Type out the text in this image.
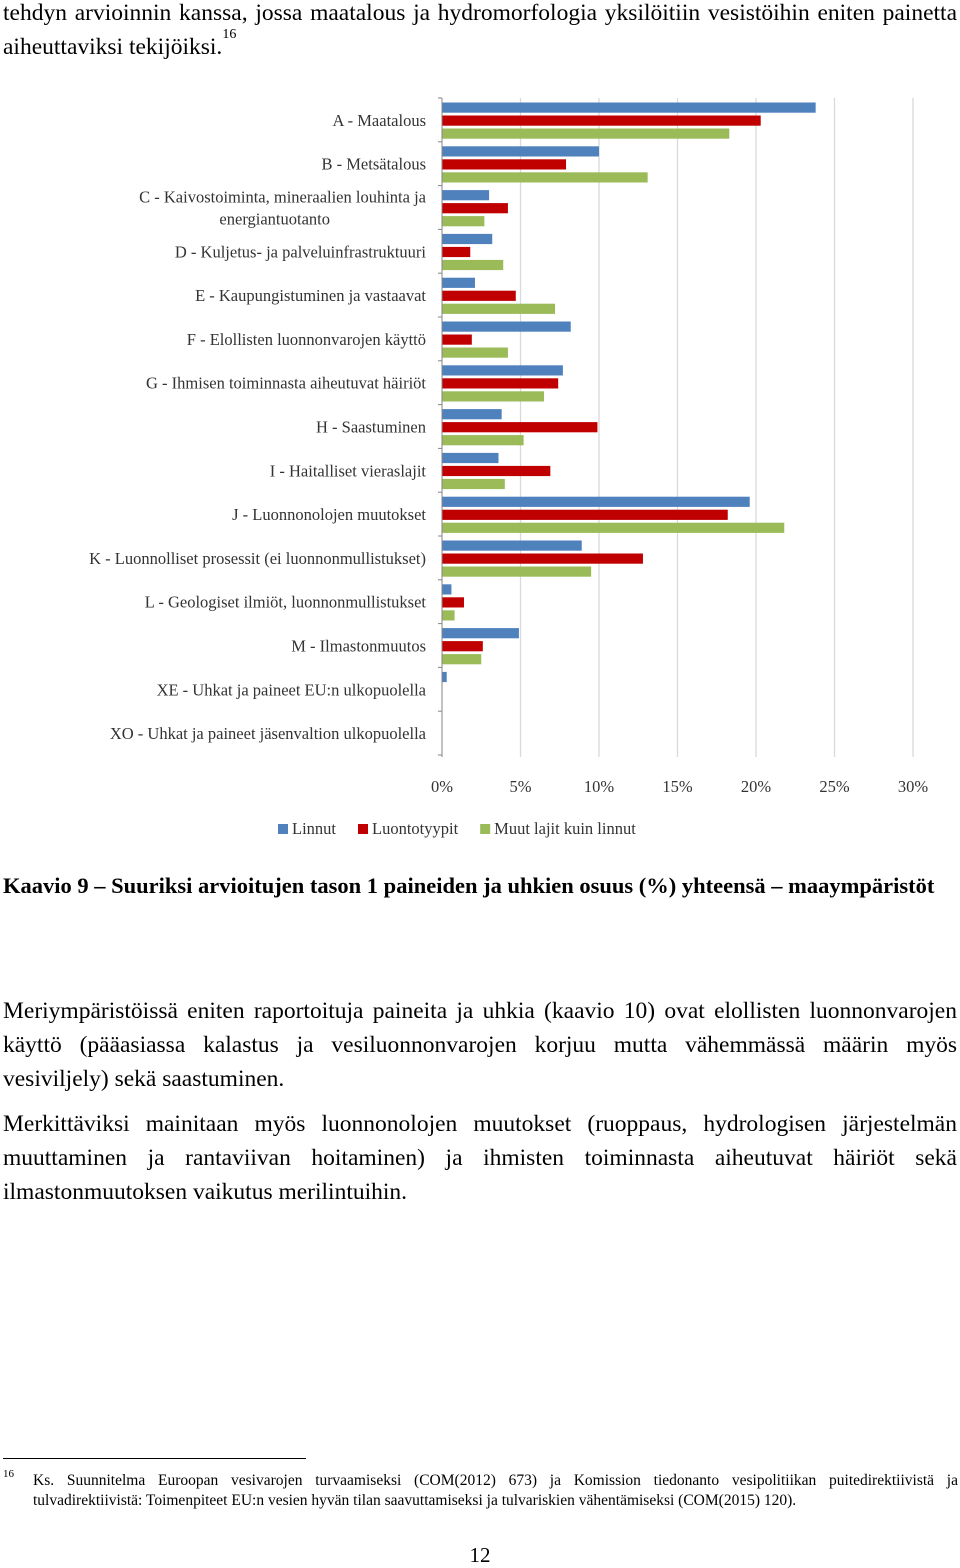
tehdyn arvioinnin kanssa, jossa maatalous ja hydromorfologia yksilöitiin vesistöihin eniten painetta aiheuttaviksi tekijöiksi.$^{16}$

A - Maatalous
B - Metsätalous
C - Kaivostoiminta, mineraalien louhinta ja
energiantuotanto
D - Kuljetus- ja palveluinfrastruktuuri
E - Kaupungistuminen ja vastaavat
F - Elollisten luonnonvarojen käyttö
G - Ihmisen toiminnasta aiheutuvat häiriöt
H - Saastuminen
I - Haitalliset vieraslajit
J - Luonnonolojen muutokset
K - Luonnolliset prosessit (ei luonnonmullistukset)
L - Geologiset ilmiöt, luonnonmullistukset
M - Ilmastonmuutos
XE - Uhkat ja paineet EU:n ulkopuolella
XO - Uhkat ja paineet jäsenvaltion ulkopuolella
0%	5%	10%	15%	20%	25%	30%
Linnut Luontotyypit Muut lajit kuin linnut

Kaavio 9 – Suuriksi arvioitujen tason 1 paineiden ja uhkien osuus (%) yhteensä – maaympäristöt

Meriympäristöissä eniten raportoituja paineita ja uhkia (kaavio 10) ovat elollisten luonnonvarojen käyttö (pääasiassa kalastus ja vesiluonnonvarojen korjuu mutta vähemmässä määrin myös vesiviljely) sekä saastuminen.

Merkittäviksi mainitaan myös luonnonolojen muutokset (ruoppaus, hydrologisen järjestelmän muuttaminen ja rantaviivan hoitaminen) ja ihmisten toiminnasta aiheutuvat häiriöt sekä ilmastonmuutoksen vaikutus merilintuihin.

16 Ks. Suunnitelma Euroopan vesivarojen turvaamiseksi (COM(2012) 673) ja Komission tiedonanto vesipolitiikan puitedirektiivistä ja tulvadirektiivistä: Toimenpiteet EU:n vesien hyvän tilan saavuttamiseksi ja tulvariskien vähentämiseksi (COM(2015) 120).

12
